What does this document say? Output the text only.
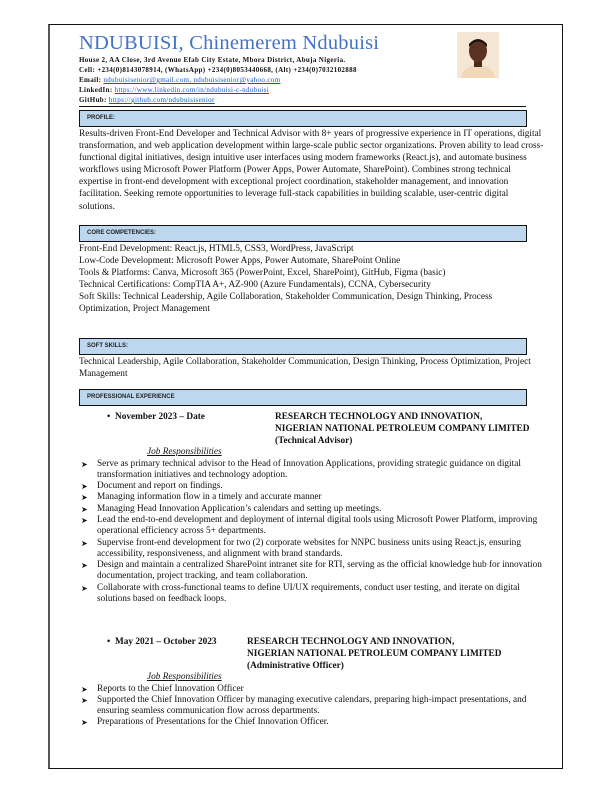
NDUBUISI, Chinemerem Ndubuisi
House 2, AA Close, 3rd Avenue Efab City Estate, Mbora District, Abuja Nigeria.
Cell: +234(0)8143078914, (WhatsApp) +234(0)8053440668, (Alt) +234(0)7032102888
Email: ndubuisisenior@gmail.com, ndubuisisenior@yahoo.com
LinkedIn: https://www.linkedin.com/in/ndubuisi-c-ndubuisi
GitHub: https://github.com/ndubuisisenior
PROFILE:
Results-driven Front-End Developer and Technical Advisor with 8+ years of progressive experience in IT operations, digital transformation, and web application development within large-scale public sector organizations. Proven ability to lead cross-functional digital initiatives, design intuitive user interfaces using modern frameworks (React.js), and automate business workflows using Microsoft Power Platform (Power Apps, Power Automate, SharePoint). Combines strong technical expertise in front-end development with exceptional project coordination, stakeholder management, and innovation facilitation. Seeking remote opportunities to leverage full-stack capabilities in building scalable, user-centric digital solutions.
CORE COMPETENCIES:
Front-End Development: React.js, HTML5, CSS3, WordPress, JavaScript
Low-Code Development: Microsoft Power Apps, Power Automate, SharePoint Online
Tools & Platforms: Canva, Microsoft 365 (PowerPoint, Excel, SharePoint), GitHub, Figma (basic)
Technical Certifications: CompTIA A+, AZ-900 (Azure Fundamentals), CCNA, Cybersecurity
Soft Skills: Technical Leadership, Agile Collaboration, Stakeholder Communication, Design Thinking, Process Optimization, Project Management
SOFT SKILLS:
Technical Leadership, Agile Collaboration, Stakeholder Communication, Design Thinking, Process Optimization, Project Management
PROFESSIONAL EXPERIENCE
• November 2023 – Date	RESEARCH TECHNOLOGY AND INNOVATION,
NIGERIAN NATIONAL PETROLEUM COMPANY LIMITED
(Technical Advisor)
Job Responsibilities
➤ Serve as primary technical advisor to the Head of Innovation Applications, providing strategic guidance on digital transformation initiatives and technology adoption.
➤ Document and report on findings.
➤ Managing information flow in a timely and accurate manner
➤ Managing Head Innovation Application’s calendars and setting up meetings.
➤ Lead the end-to-end development and deployment of internal digital tools using Microsoft Power Platform, improving operational efficiency across 5+ departments.
➤ Supervise front-end development for two (2) corporate websites for NNPC business units using React.js, ensuring accessibility, responsiveness, and alignment with brand standards.
➤ Design and maintain a centralized SharePoint intranet site for RTI, serving as the official knowledge hub for innovation documentation, project tracking, and team collaboration.
➤ Collaborate with cross-functional teams to define UI/UX requirements, conduct user testing, and iterate on digital solutions based on feedback loops.
• May 2021 – October 2023	RESEARCH TECHNOLOGY AND INNOVATION,
NIGERIAN NATIONAL PETROLEUM COMPANY LIMITED
(Administrative Officer)
Job Responsibilities
➤ Reports to the Chief Innovation Officer
➤ Supported the Chief Innovation Officer by managing executive calendars, preparing high-impact presentations, and ensuring seamless communication flow across departments.
➤ Preparations of Presentations for the Chief Innovation Officer.
